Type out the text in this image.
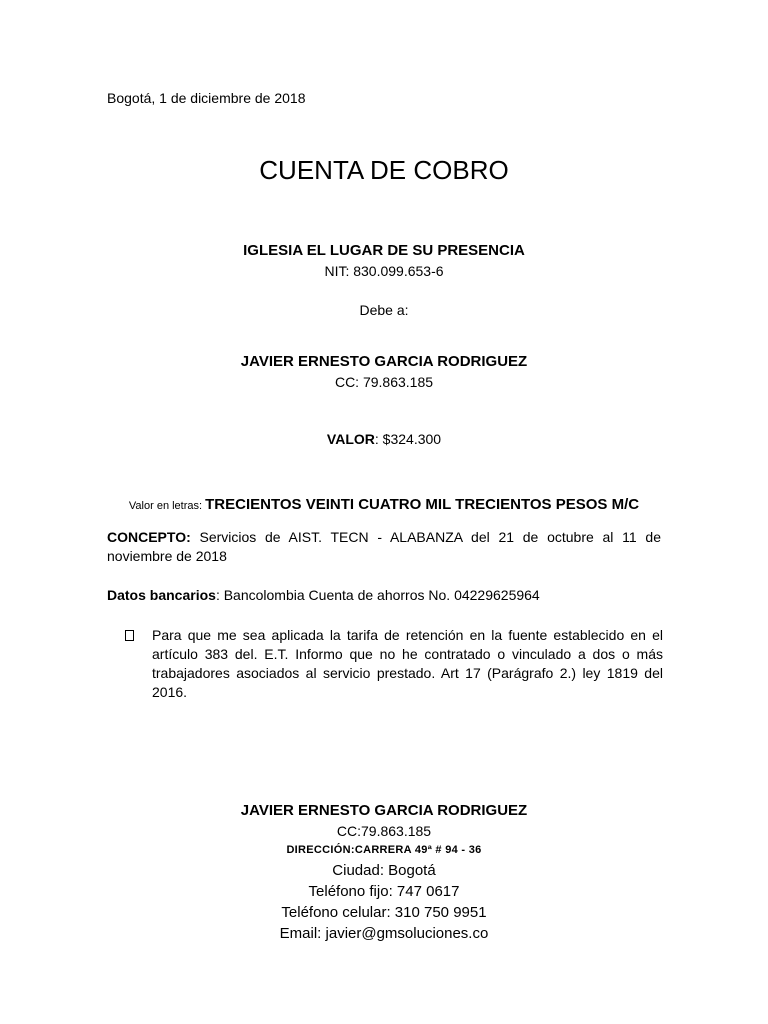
Bogotá, 1 de diciembre de 2018
CUENTA DE COBRO
IGLESIA EL LUGAR DE SU PRESENCIA
NIT: 830.099.653-6
Debe a:
JAVIER ERNESTO GARCIA RODRIGUEZ
CC: 79.863.185
VALOR: $324.300
Valor en letras: TRECIENTOS VEINTI CUATRO MIL TRECIENTOS PESOS M/C
CONCEPTO: Servicios de AIST. TECN - ALABANZA del 21 de octubre al 11 de noviembre de 2018
Datos bancarios: Bancolombia Cuenta de ahorros No. 04229625964
Para que me sea aplicada la tarifa de retención en la fuente establecido en el artículo 383 del. E.T. Informo que no he contratado o vinculado a dos o más trabajadores asociados al servicio prestado. Art 17 (Parágrafo 2.) ley 1819 del 2016.
JAVIER ERNESTO GARCIA RODRIGUEZ
CC:79.863.185
DIRECCIÓN:CARRERA 49ª # 94 - 36
Ciudad: Bogotá
Teléfono fijo: 747 0617
Teléfono celular: 310 750 9951
Email: javier@gmsoluciones.co
